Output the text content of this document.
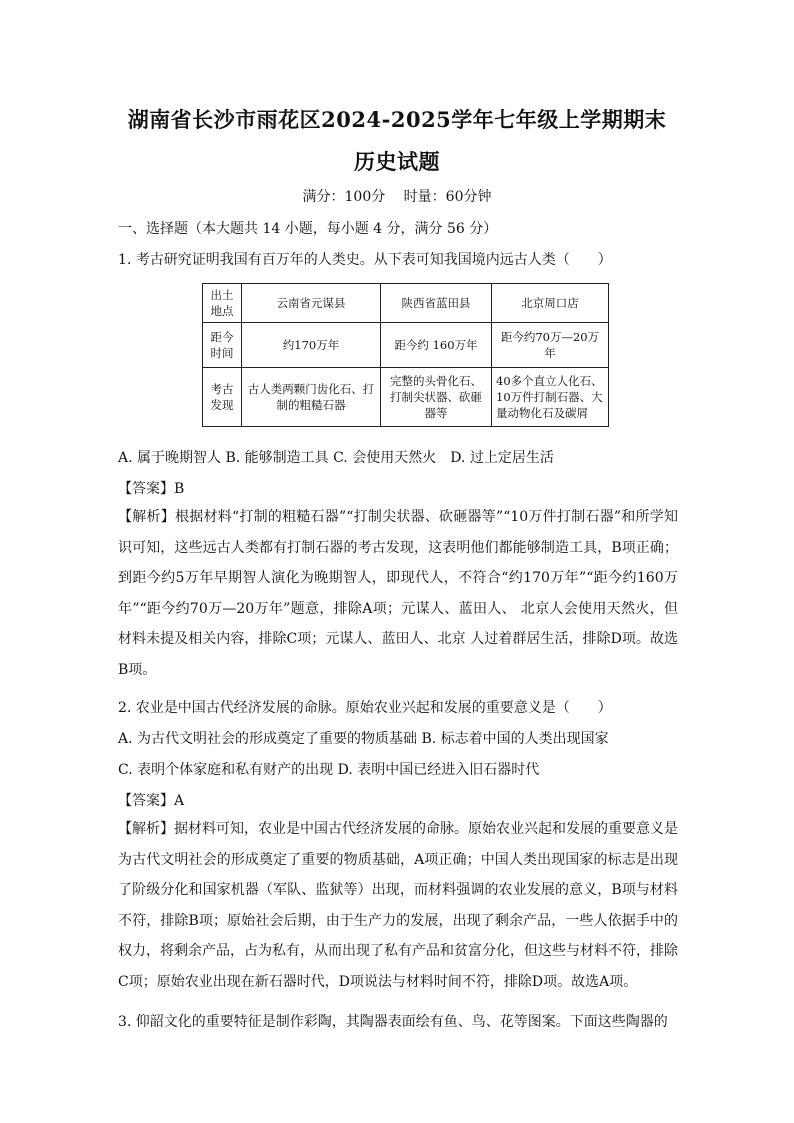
湖南省长沙市雨花区2024-2025学年七年级上学期期末
历史试题
满分：100分　 时量：60分钟
一、选择题（本大题共 14 小题，每小题 4 分，满分 56 分）
1. 考古研究证明我国有百万年的人类史。从下表可知我国境内远古人类（　　）
出土地点	云南省元谋县	陕西省蓝田县	北京周口店
距今时间	约170万年	距今约 160万年	距今约70万—20万年
考古发现	古人类两颗门齿化石、打制的粗糙石器	完整的头骨化石、打制尖状器、砍砸器等	40多个直立人化石、10万件打制石器、大量动物化石及碳屑
A. 属于晚期智人 B. 能够制造工具 C. 会使用天然火　D. 过上定居生活
【答案】B
【解析】根据材料“打制的粗糙石器”“打制尖状器、砍砸器等”“10万件打制石器”和所学知识可知，这些远古人类都有打制石器的考古发现，这表明他们都能够制造工具，B项正确；到距今约5万年早期智人演化为晚期智人，即现代人，不符合“约170万年”“距今约160万年”“距今约70万—20万年”题意，排除A项；元谋人、蓝田人、 北京人会使用天然火，但材料未提及相关内容，排除C项；元谋人、蓝田人、北京 人过着群居生活，排除D项。故选B项。
2. 农业是中国古代经济发展的命脉。原始农业兴起和发展的重要意义是（　　）
A. 为古代文明社会的形成奠定了重要的物质基础 B. 标志着中国的人类出现国家
C. 表明个体家庭和私有财产的出现 D. 表明中国已经进入旧石器时代
【答案】A
【解析】据材料可知，农业是中国古代经济发展的命脉。原始农业兴起和发展的重要意义是为古代文明社会的形成奠定了重要的物质基础，A项正确；中国人类出现国家的标志是出现了阶级分化和国家机器（军队、监狱等）出现，而材料强调的农业发展的意义，B项与材料不符，排除B项；原始社会后期，由于生产力的发展，出现了剩余产品，一些人依据手中的权力，将剩余产品，占为私有，从而出现了私有产品和贫富分化，但这些与材料不符，排除C项；原始农业出现在新石器时代，D项说法与材料时间不符，排除D项。故选A项。
3. 仰韶文化的重要特征是制作彩陶，其陶器表面绘有鱼、鸟、花等图案。下面这些陶器的
